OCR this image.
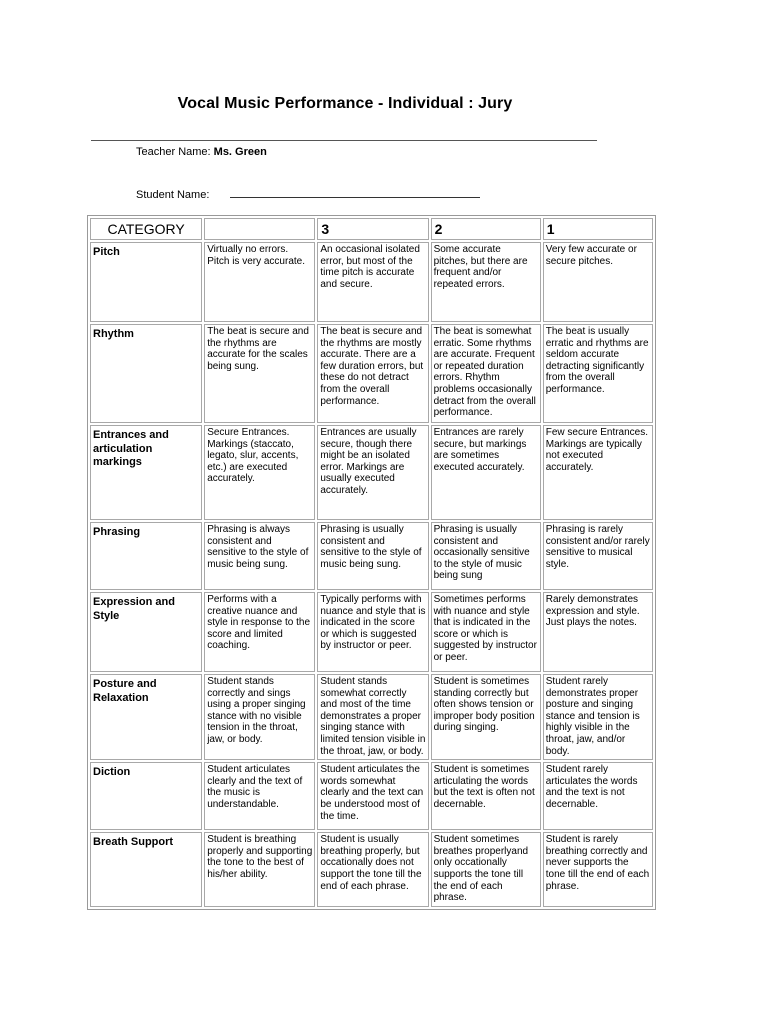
Vocal Music Performance - Individual : Jury
Teacher Name: Ms. Green
Student Name:
CATEGORY		3	2	1
Pitch	Virtually no errors. Pitch is very accurate.	An occasional isolated error, but most of the time pitch is accurate and secure.	Some accurate pitches, but there are frequent and/or repeated errors.	Very few accurate or secure pitches.
Rhythm	The beat is secure and the rhythms are accurate for the scales being sung.	The beat is secure and the rhythms are mostly accurate. There are a few duration errors, but these do not detract from the overall performance.	The beat is somewhat erratic. Some rhythms are accurate. Frequent or repeated duration errors. Rhythm problems occasionally detract from the overall performance.	The beat is usually erratic and rhythms are seldom accurate detracting significantly from the overall performance.
Entrances and articulation markings	Secure Entrances. Markings (staccato, legato, slur, accents, etc.) are executed accurately.	Entrances are usually secure, though there might be an isolated error. Markings are usually executed accurately.	Entrances are rarely secure, but markings are sometimes executed accurately.	Few secure Entrances. Markings are typically not executed accurately.
Phrasing	Phrasing is always consistent and sensitive to the style of music being sung.	Phrasing is usually consistent and sensitive to the style of music being sung.	Phrasing is usually consistent and occasionally sensitive to the style of music being sung	Phrasing is rarely consistent and/or rarely sensitive to musical style.
Expression and Style	Performs with a creative nuance and style in response to the score and limited coaching.	Typically performs with nuance and style that is indicated in the score or which is suggested by instructor or peer.	Sometimes performs with nuance and style that is indicated in the score or which is suggested by instructor or peer.	Rarely demonstrates expression and style. Just plays the notes.
Posture and Relaxation	Student stands correctly and sings using a proper singing stance with no visible tension in the throat, jaw, or body.	Student stands somewhat correctly and most of the time demonstrates a proper singing stance with limited tension visible in the throat, jaw, or body.	Student is sometimes standing correctly but often shows tension or improper body position during singing.	Student rarely demonstrates proper posture and singing stance and tension is highly visible in the throat, jaw, and/or body.
Diction	Student articulates clearly and the text of the music is understandable.	Student articulates the words somewhat clearly and the text can be understood most of the time.	Student is sometimes articulating the words but the text is often not decernable.	Student rarely articulates the words and the text is not decernable.
Breath Support	Student is breathing properly and supporting the tone to the best of his/her ability.	Student is usually breathing properly, but occationally does not support the tone till the end of each phrase.	Student sometimes breathes properlyand only occationally supports the tone till the end of each phrase.	Student is rarely breathing correctly and never supports the tone till the end of each phrase.
